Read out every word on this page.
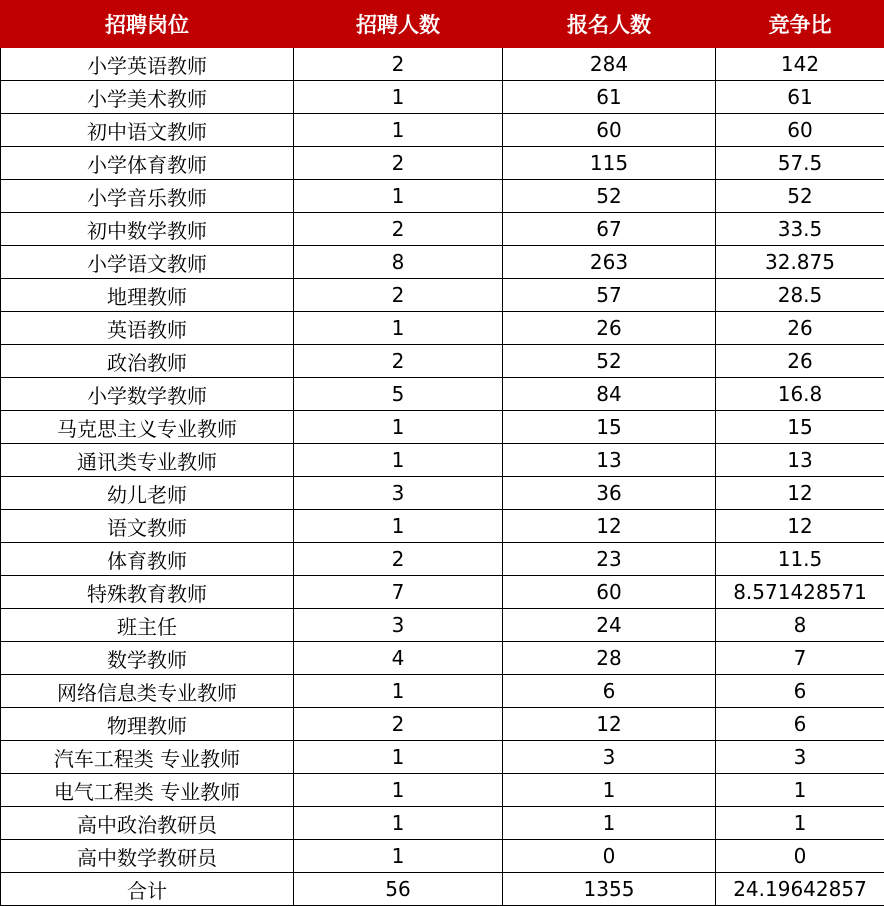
招聘岗位	招聘人数	报名人数	竞争比
小学英语教师	2	284	142
小学美术教师	1	61	61
初中语文教师	1	60	60
小学体育教师	2	115	57.5
小学音乐教师	1	52	52
初中数学教师	2	67	33.5
小学语文教师	8	263	32.875
地理教师	2	57	28.5
英语教师	1	26	26
政治教师	2	52	26
小学数学教师	5	84	16.8
马克思主义专业教师	1	15	15
通讯类专业教师	1	13	13
幼儿老师	3	36	12
语文教师	1	12	12
体育教师	2	23	11.5
特殊教育教师	7	60	8.571428571
班主任	3	24	8
数学教师	4	28	7
网络信息类专业教师	1	6	6
物理教师	2	12	6
汽车工程类 专业教师	1	3	3
电气工程类 专业教师	1	1	1
高中政治教研员	1	1	1
高中数学教研员	1	0	0
合计	56	1355	24.19642857
